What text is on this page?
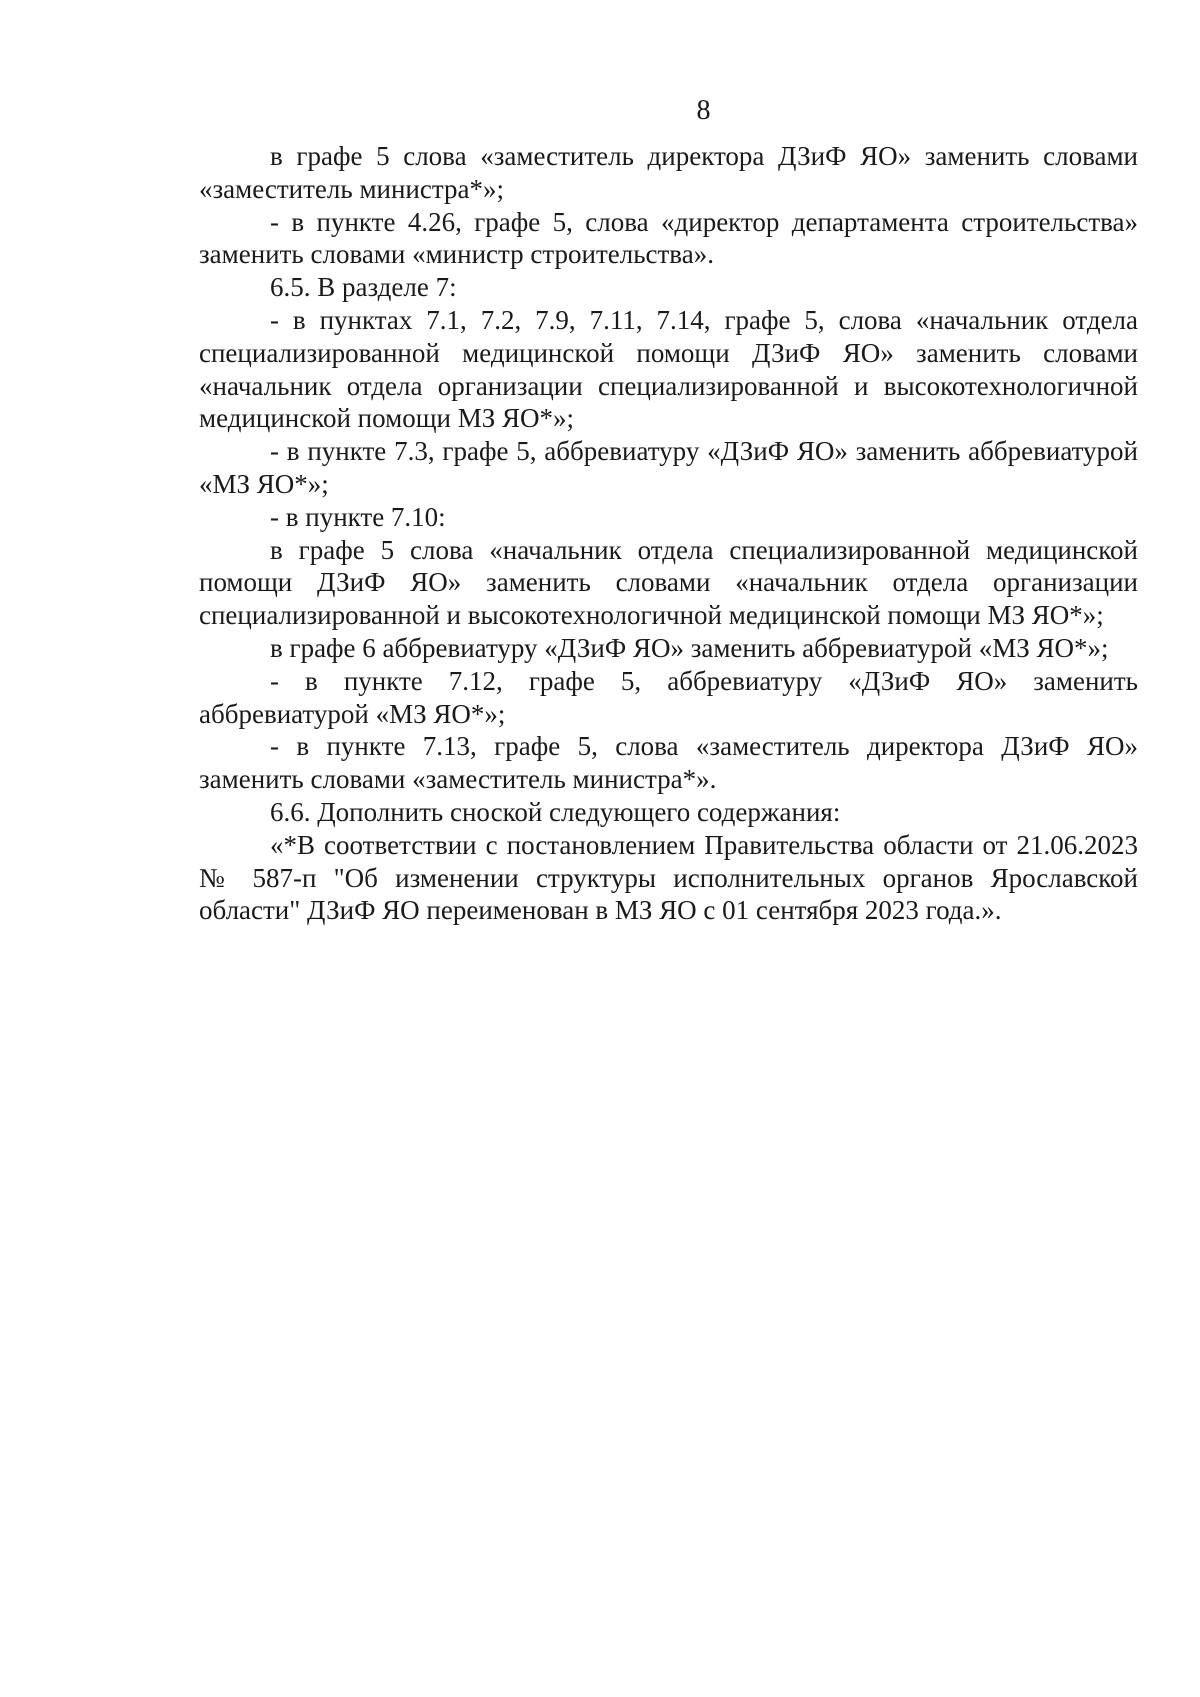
8

в графе 5 слова «заместитель директора ДЗиФ ЯО» заменить словами «заместитель министра*»;

- в пункте 4.26, графе 5, слова «директор департамента строительства» заменить словами «министр строительства».

6.5. В разделе 7:

- в пунктах 7.1, 7.2, 7.9, 7.11, 7.14, графе 5, слова «начальник отдела специализированной медицинской помощи ДЗиФ ЯО» заменить словами «начальник отдела организации специализированной и высокотехнологичной медицинской помощи МЗ ЯО*»;

- в пункте 7.3, графе 5, аббревиатуру «ДЗиФ ЯО» заменить аббревиатурой «МЗ ЯО*»;

- в пункте 7.10:

в графе 5 слова «начальник отдела специализированной медицинской помощи ДЗиФ ЯО» заменить словами «начальник отдела организации специализированной и высокотехнологичной медицинской помощи МЗ ЯО*»;

в графе 6 аббревиатуру «ДЗиФ ЯО» заменить аббревиатурой «МЗ ЯО*»;

- в пункте 7.12, графе 5, аббревиатуру «ДЗиФ ЯО» заменить аббревиатурой «МЗ ЯО*»;

- в пункте 7.13, графе 5, слова «заместитель директора ДЗиФ ЯО» заменить словами «заместитель министра*».

6.6. Дополнить сноской следующего содержания:

«*В соответствии с постановлением Правительства области от 21.06.2023 № 587-п "Об изменении структуры исполнительных органов Ярославской области" ДЗиФ ЯО переименован в МЗ ЯО с 01 сентября 2023 года.».
